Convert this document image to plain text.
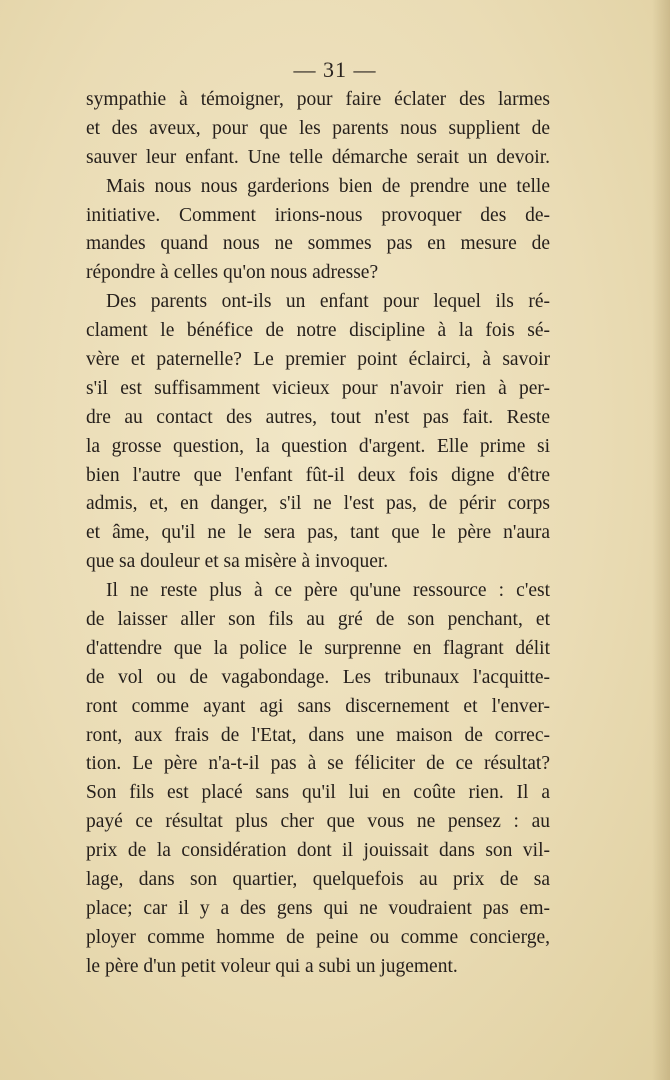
— 31 —
sympathie à témoigner, pour faire éclater des larmes
et des aveux, pour que les parents nous supplient de
sauver leur enfant. Une telle démarche serait un devoir.
Mais nous nous garderions bien de prendre une telle
initiative. Comment irions-nous provoquer des de-
mandes quand nous ne sommes pas en mesure de
répondre à celles qu'on nous adresse?
Des parents ont-ils un enfant pour lequel ils ré-
clament le bénéfice de notre discipline à la fois sé-
vère et paternelle? Le premier point éclairci, à savoir
s'il est suffisamment vicieux pour n'avoir rien à per-
dre au contact des autres, tout n'est pas fait. Reste
la grosse question, la question d'argent. Elle prime si
bien l'autre que l'enfant fût-il deux fois digne d'être
admis, et, en danger, s'il ne l'est pas, de périr corps
et âme, qu'il ne le sera pas, tant que le père n'aura
que sa douleur et sa misère à invoquer.
Il ne reste plus à ce père qu'une ressource : c'est
de laisser aller son fils au gré de son penchant, et
d'attendre que la police le surprenne en flagrant délit
de vol ou de vagabondage. Les tribunaux l'acquitte-
ront comme ayant agi sans discernement et l'enver-
ront, aux frais de l'Etat, dans une maison de correc-
tion. Le père n'a-t-il pas à se féliciter de ce résultat?
Son fils est placé sans qu'il lui en coûte rien. Il a
payé ce résultat plus cher que vous ne pensez : au
prix de la considération dont il jouissait dans son vil-
lage, dans son quartier, quelquefois au prix de sa
place; car il y a des gens qui ne voudraient pas em-
ployer comme homme de peine ou comme concierge,
le père d'un petit voleur qui a subi un jugement.
